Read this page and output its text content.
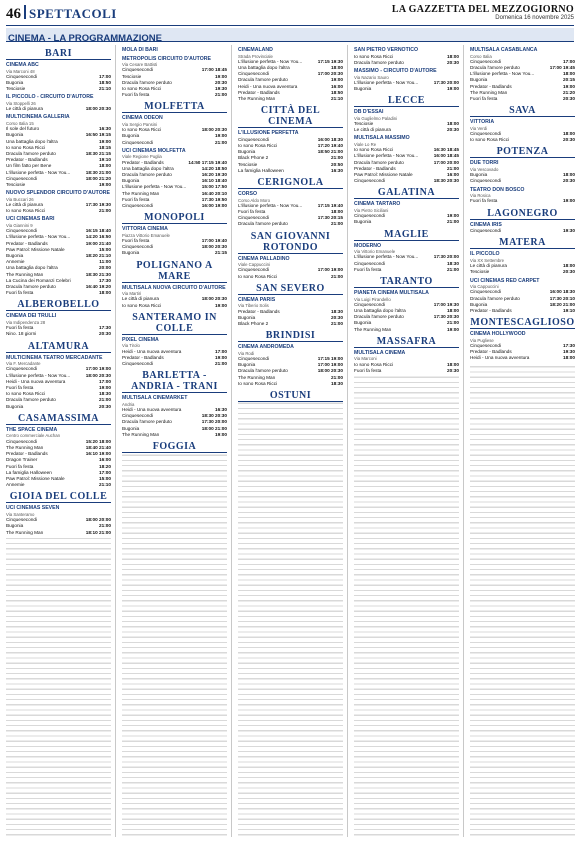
46 SPETTACOLI	LA GAZZETTA DEL MEZZOGIORNO
Domenica 16 novembre 2025
CINEMA - LA PROGRAMMAZIONE
BARI
CINEMA ABC
Via Marconi 48
Cinquesecondi	17:00
Bugonia	18:50
Tesciosie	21:10
IL PICCOLO - CIRCUITO D'AUTORE
Via Stoppelli 26
Le città di pianura	18:00 20:30
MULTICINEMA GALLERIA
Corso Italia 15
Il sole del futuro	16:30
Bugonia	16:50 19:15
Una battaglia dopo l'altra	19:00
Io sono Rosa Ricci	18:15
Dracula l'amore perduto	18:30 21:15
Predator - Badlands	19:10
Un film fatto per Bene	18:00
L'illusione perfetta - Now You...	18:30 21:00
Cinquesecondi	18:00 21:20
Tesciosie	19:00
NUOVO SPLENDOR CIRCUITO D'AUTORE
Via Buccari 26
Le città di pianura	17:30 19:30
Io sono Rosa Ricci	21:00
UCI CINEMAS BARI
Via Giannini 9
Cinquesecondi	16:15 18:40
L'illusione perfetta - Now You...	14:20 16:50
Predator - Badlands	19:00 21:40
Paw Patrol: Missione Natale	15:00
Bugonia	18:20 21:10
Annemie	11:00
Una battaglia dopo l'altra	20:00
The Running Man	18:30 21:30
La Cucina dei Romanzi Celebri	17:30
Dracula l'amore perduto	16:40 19:20
Fuori fa festa	18:00
ALBEROBELLO
CINEMA DEI TRULLI
Via Indipendenza 28
Fuori fa festa	17:30
Nino. 18 giorni	20:30
ALTAMURA
MULTICINEMA TEATRO MERCADANTE
Via F. Mercadante
Cinquesecondi	17:00 19:00
L'illusione perfetta - Now You...	18:00 20:30
Heidi - Una nuova avventura	17:00
Fuori fa festa	19:00
Io sono Rosa Ricci	18:30
Dracula l'amore perduto	21:00
Bugonia	20:30
CASAMASSIMA
THE SPACE CINEMA
Centro commerciale Auchan
Cinquesecondi	15:20 18:00
The Running Man	18:40 21:40
Predator - Badlands	16:10 19:00
Dragon Trainer	16:00
Fuori fa festa	18:20
La famiglia Halloween	17:00
Paw Patrol: Missione Natale	15:00
Annemie	21:10
GIOIA DEL COLLE
UCI CINEMAS SEVEN
Via Santeramo
Cinquesecondi	18:00 20:00
Bugonia	21:00
The Running Man	18:10 21:00
MOLA DI BARI
METROPOLIS CIRCUITO D'AUTORE
Via Cesare Battisti
Cinquesecondi	17:00 18:45
Tesciosie	19:00
Dracula l'amore perduto	20:30
Io sono Rosa Ricci	19:30
Fuori fa festa	21:00
MOLFETTA
CINEMA ODEON
Via Sergio Pansini
Io sono Rosa Ricci	18:00 20:30
Bugonia	19:00
Cinquesecondi	21:00
UCI CINEMAS MOLFETTA
Viale Regione Puglia
Predator - Badlands	14:50 17:15 19:40
Una battaglia dopo l'altra	14:20 18:50
Dracula l'amore perduto	16:20 19:30
Bugonia	16:10 18:40
L'illusione perfetta - Now You...	15:00 17:50
The Running Man	16:40 20:10
Fuori fa festa	17:30 19:50
Cinquesecondi	16:00 19:00
MONOPOLI
VITTORIA CINEMA
Piazza Vittorio Emanuele
Fuori fa festa	17:00 19:40
Cinquesecondi	18:00 20:30
Bugonia	21:15
POLIGNANO A MARE
MULTISALA NUOVA CIRCUITO D'AUTORE
Via Martiri
Le città di pianura	18:00 20:30
Io sono Rosa Ricci	19:00
SANTERAMO IN COLLE
PIXEL CINEMA
Via Tirolo
Heidi - Una nuova avventura	17:00
Predator - Badlands	19:00
Cinquesecondi	21:00
BARLETTA - ANDRIA - TRANI
MULTISALA CINEMARKET
Andria
Heidi - Una nuova avventura	16:30
Cinquesecondi	18:30 20:30
Dracula l'amore perduto	17:30 20:00
Bugonia	18:00 21:00
The Running Man	19:00
FOGGIA
CINEMALAND
Strada Provinciale
L'illusione perfetta - Now You...	17:15 19:30
Una battaglia dopo l'altra	18:00
Cinquesecondi	17:00 20:30
Dracula l'amore perduto	19:00
Heidi - Una nuova avventura	16:00
Predator - Badlands	18:50
The Running Man	21:10
CITTÀ DEL CINEMA
L'ILLUSIONE PERFETTA
Cinquesecondi	16:00 18:30
Io sono Rosa Ricci	17:20 19:40
Bugonia	18:50 21:00
Black Phone 2	21:00
Tesciosie	20:50
La famiglia Halloween	16:30
CERIGNOLA
CORSO
Corso Aldo Moro
L'illusione perfetta - Now You...	17:15 19:40
Fuori fa festa	18:00
Cinquesecondi	17:30 20:15
Dracula l'amore perduto	21:00
SAN GIOVANNI ROTONDO
CINEMA PALLADINO
Viale Cappuccini
Cinquesecondi	17:00 19:00
Io sono Rosa Ricci	21:00
SAN SEVERO
CINEMA PARIS
Via Tiberio Solis
Predator - Badlands	18:30
Bugonia	20:30
Black Phone 2	21:00
BRINDISI
CINEMA ANDROMEDA
Via Rodi
Cinquesecondi	17:15 19:00
Bugonia	17:00 19:00
Dracula l'amore perduto	18:00 20:30
The Running Man	21:00
Io sono Rosa Ricci	18:30
OSTUNI
SAN PIETRO VERNOTICO
Io sono Rosa Ricci	18:00
Dracula l'amore perduto	20:30
MASSIMO - CIRCUITO D'AUTORE
Via Nazario Sauro
L'illusione perfetta - Now You...	17:30 20:00
Bugonia	19:00
LECCE
DB D'ESSAI
Via Guglielmo Paladini
Tesciosie	18:00
Le città di pianura	20:30
MULTISALA MASSIMO
Viale Lo Re
Io sono Rosa Ricci	16:30 18:45
L'illusione perfetta - Now You...	16:00 18:45
Dracula l'amore perduto	17:00 20:00
Predator - Badlands	21:00
Paw Patrol: Missione Natale	16:00
Cinquesecondi	18:30 20:30
GALATINA
CINEMA TARTARO
Via Pietro Siciliani
Cinquesecondi	19:00
Bugonia	21:00
MAGLIE
MODERNO
Via Vittorio Emanuele
L'illusione perfetta - Now You...	17:30 20:00
Cinquesecondi	18:30
Fuori fa festa	21:00
TARANTO
PIANETA CINEMA MULTISALA
Via Luigi Pirandello
Cinquesecondi	17:00 19:30
Una battaglia dopo l'altra	18:00
Dracula l'amore perduto	17:30 20:30
Bugonia	21:00
The Running Man	19:00
MASSAFRA
MULTISALA CINEMA
Via Marconi
Io sono Rosa Ricci	18:00
Fuori fa festa	20:30
MULTISALA CASABLANCA
Corso Italia
Cinquesecondi	17:00
Dracula l'amore perduto	17:00 19:45
L'illusione perfetta - Now You...	18:00
Bugonia	20:15
Predator - Badlands	19:00
The Running Man	21:20
Fuori fa festa	20:30
SAVA
VITTORIA
Via Verdi
Cinquesecondi	18:00
Io sono Rosa Ricci	20:30
POTENZA
DUE TORRI
Via Vescovado
Bugonia	18:00
Cinquesecondi	20:30
TEATRO DON BOSCO
Via Rosica
Fuori fa festa	19:00
LAGONEGRO
CINEMA IRIS
Cinquesecondi	19:30
MATERA
IL PICCOLO
Via XX Settembre
Le città di pianura	18:00
Tesciosie	20:30
UCI CINEMAS RED CARPET
Via Cappuccini
Cinquesecondi	16:00 18:30
Dracula l'amore perduto	17:30 20:10
Bugonia	18:20 21:00
Predator - Badlands	19:10
MONTESCAGLIOSO
CINEMA HOLLYWOOD
Via Pugliese
Cinquesecondi	17:30
Predator - Badlands	19:30
Heidi - Una nuova avventura	18:00
